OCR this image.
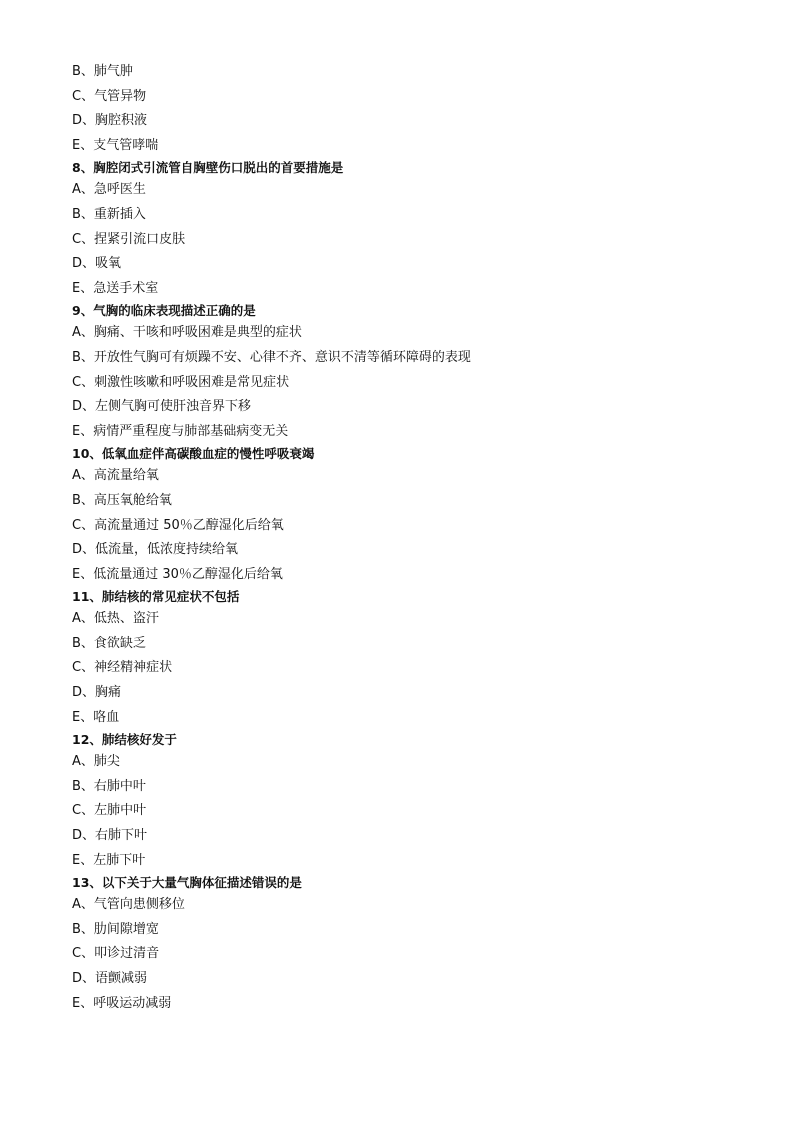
B、肺气肿
C、气管异物
D、胸腔积液
E、支气管哮喘
8、胸腔闭式引流管自胸壁伤口脱出的首要措施是
A、急呼医生
B、重新插入
C、捏紧引流口皮肤
D、吸氧
E、急送手术室
9、气胸的临床表现描述正确的是
A、胸痛、干咳和呼吸困难是典型的症状
B、开放性气胸可有烦躁不安、心律不齐、意识不清等循环障碍的表现
C、刺激性咳嗽和呼吸困难是常见症状
D、左侧气胸可使肝浊音界下移
E、病情严重程度与肺部基础病变无关
10、低氧血症伴高碳酸血症的慢性呼吸衰竭
A、高流量给氧
B、高压氧舱给氧
C、高流量通过 50％乙醇湿化后给氧
D、低流量，低浓度持续给氧
E、低流量通过 30％乙醇湿化后给氧
11、肺结核的常见症状不包括
A、低热、盗汗
B、食欲缺乏
C、神经精神症状
D、胸痛
E、咯血
12、肺结核好发于
A、肺尖
B、右肺中叶
C、左肺中叶
D、右肺下叶
E、左肺下叶
13、以下关于大量气胸体征描述错误的是
A、气管向患侧移位
B、肋间隙增宽
C、叩诊过清音
D、语颤减弱
E、呼吸运动减弱
